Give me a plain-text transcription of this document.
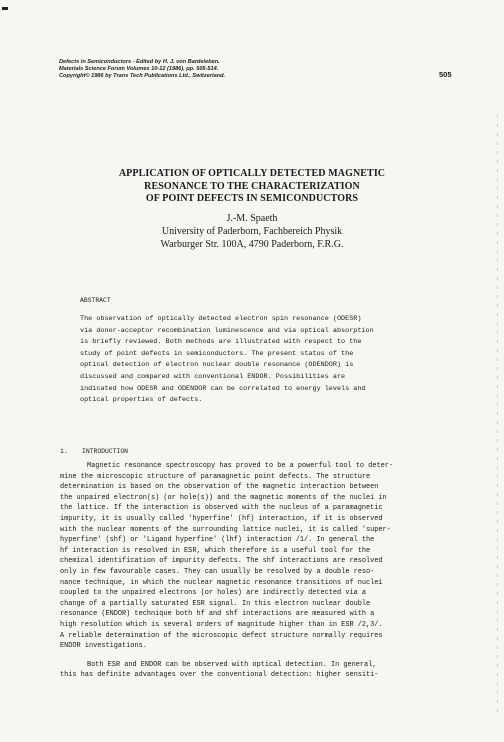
Defects in Semiconductors - Edited by H. J. von Bardeleben.
Materials Science Forum Volumes 10-12 (1986), pp. 505-514.
Copyright© 1986 by Trans Tech Publications Ltd., Switzerland.	505
APPLICATION OF OPTICALLY DETECTED MAGNETIC
RESONANCE TO THE CHARACTERIZATION
OF POINT DEFECTS IN SEMICONDUCTORS
J.-M. Spaeth
University of Paderborn, Fachbereich Physik
Warburger Str. 100A, 4790 Paderborn, F.R.G.
ABSTRACT
The observation of optically detected electron spin resonance (ODESR)
via donor-acceptor recombination luminescence and via optical absorption
is briefly reviewed. Both methods are illustrated with respect to the
study of point defects in semiconductors. The present status of the
optical detection of electron nuclear double resonance (ODENDOR) is
discussed and compared with conventional ENDOR. Possibilities are
indicated how ODESR and ODENDOR can be correlated to energy levels and
optical properties of defects.
1. INTRODUCTION
Magnetic resonance spectroscopy has proved to be a powerful tool to deter-
mine the microscopic structure of paramagnetic point defects. The structure
determination is based on the observation of the magnetic interaction between
the unpaired electron(s) (or hole(s)) and the magnetic moments of the nuclei in
the lattice. If the interaction is observed with the nucleus of a paramagnetic
impurity, it is usually called 'hyperfine' (hf) interaction, if it is observed
with the nuclear moments of the surrounding lattice nuclei, it is called 'super-
hyperfine' (shf) or 'Ligand hyperfine' (lhf) interaction /1/. In general the
hf interaction is resolved in ESR, which therefore is a useful tool for the
chemical identification of impurity defects. The shf interactions are resolved
only in few favourable cases. They can usually be resolved by a double reso-
nance technique, in which the nuclear magnetic resonance transitions of nuclei
coupled to the unpaired electrons (or holes) are indirectly detected via a
change of a partially saturated ESR signal. In this electron nuclear double
resonance (ENDOR) technique both hf and shf interactions are measured with a
high resolution which is several orders of magnitude higher than in ESR /2,3/.
A reliable determination of the microscopic defect structure normally requires
ENDOR investigations.
Both ESR and ENDOR can be observed with optical detection. In general,
this has definite advantages over the conventional detection: higher sensiti-
